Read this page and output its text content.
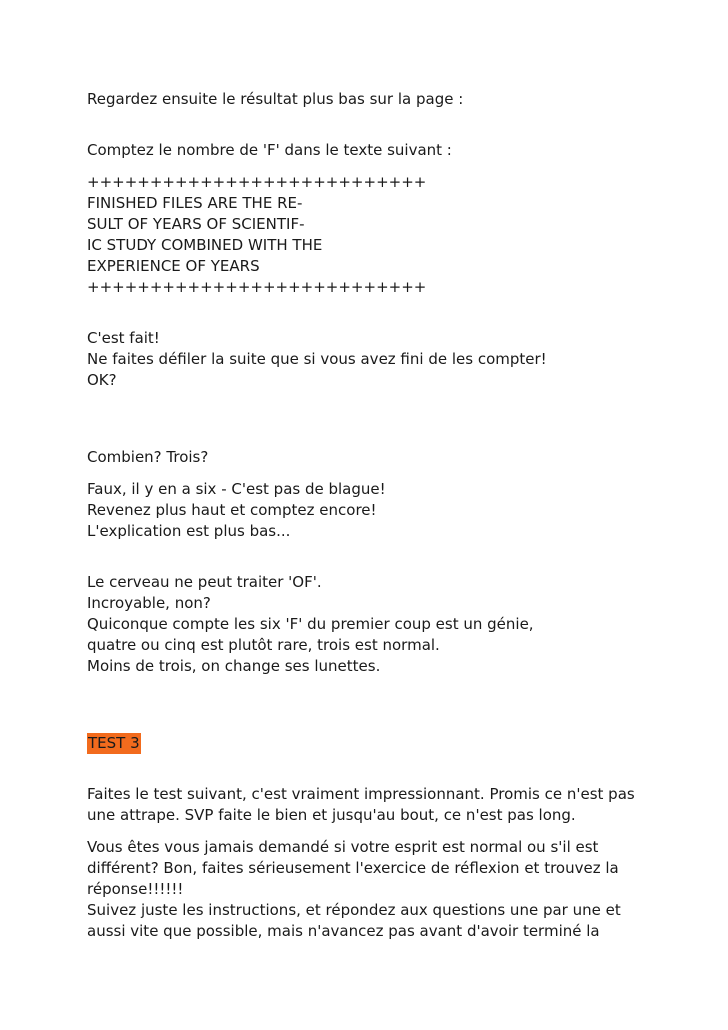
Regardez ensuite le résultat plus bas sur la page :
Comptez le nombre de 'F' dans le texte suivant :
+++++++++++++++++++++++++++
FINISHED FILES ARE THE RE-
SULT OF YEARS OF SCIENTIF-
IC STUDY COMBINED WITH THE
EXPERIENCE OF YEARS
+++++++++++++++++++++++++++
C'est fait!
Ne faites défiler la suite que si vous avez fini de les compter!
OK?
Combien? Trois?
Faux, il y en a six - C'est pas de blague!
Revenez plus haut et comptez encore!
L'explication est plus bas...
Le cerveau ne peut traiter 'OF'.
Incroyable, non?
Quiconque compte les six 'F' du premier coup est un génie,
quatre ou cinq est plutôt rare, trois est normal.
Moins de trois, on change ses lunettes.
TEST 3
Faites le test suivant, c'est vraiment impressionnant. Promis ce n'est pas
une attrape. SVP faite le bien et jusqu'au bout, ce n'est pas long.
Vous êtes vous jamais demandé si votre esprit est normal ou s'il est
différent? Bon, faites sérieusement l'exercice de réflexion et trouvez la
réponse!!!!!!
Suivez juste les instructions, et répondez aux questions une par une et
aussi vite que possible, mais n'avancez pas avant d'avoir terminé la
